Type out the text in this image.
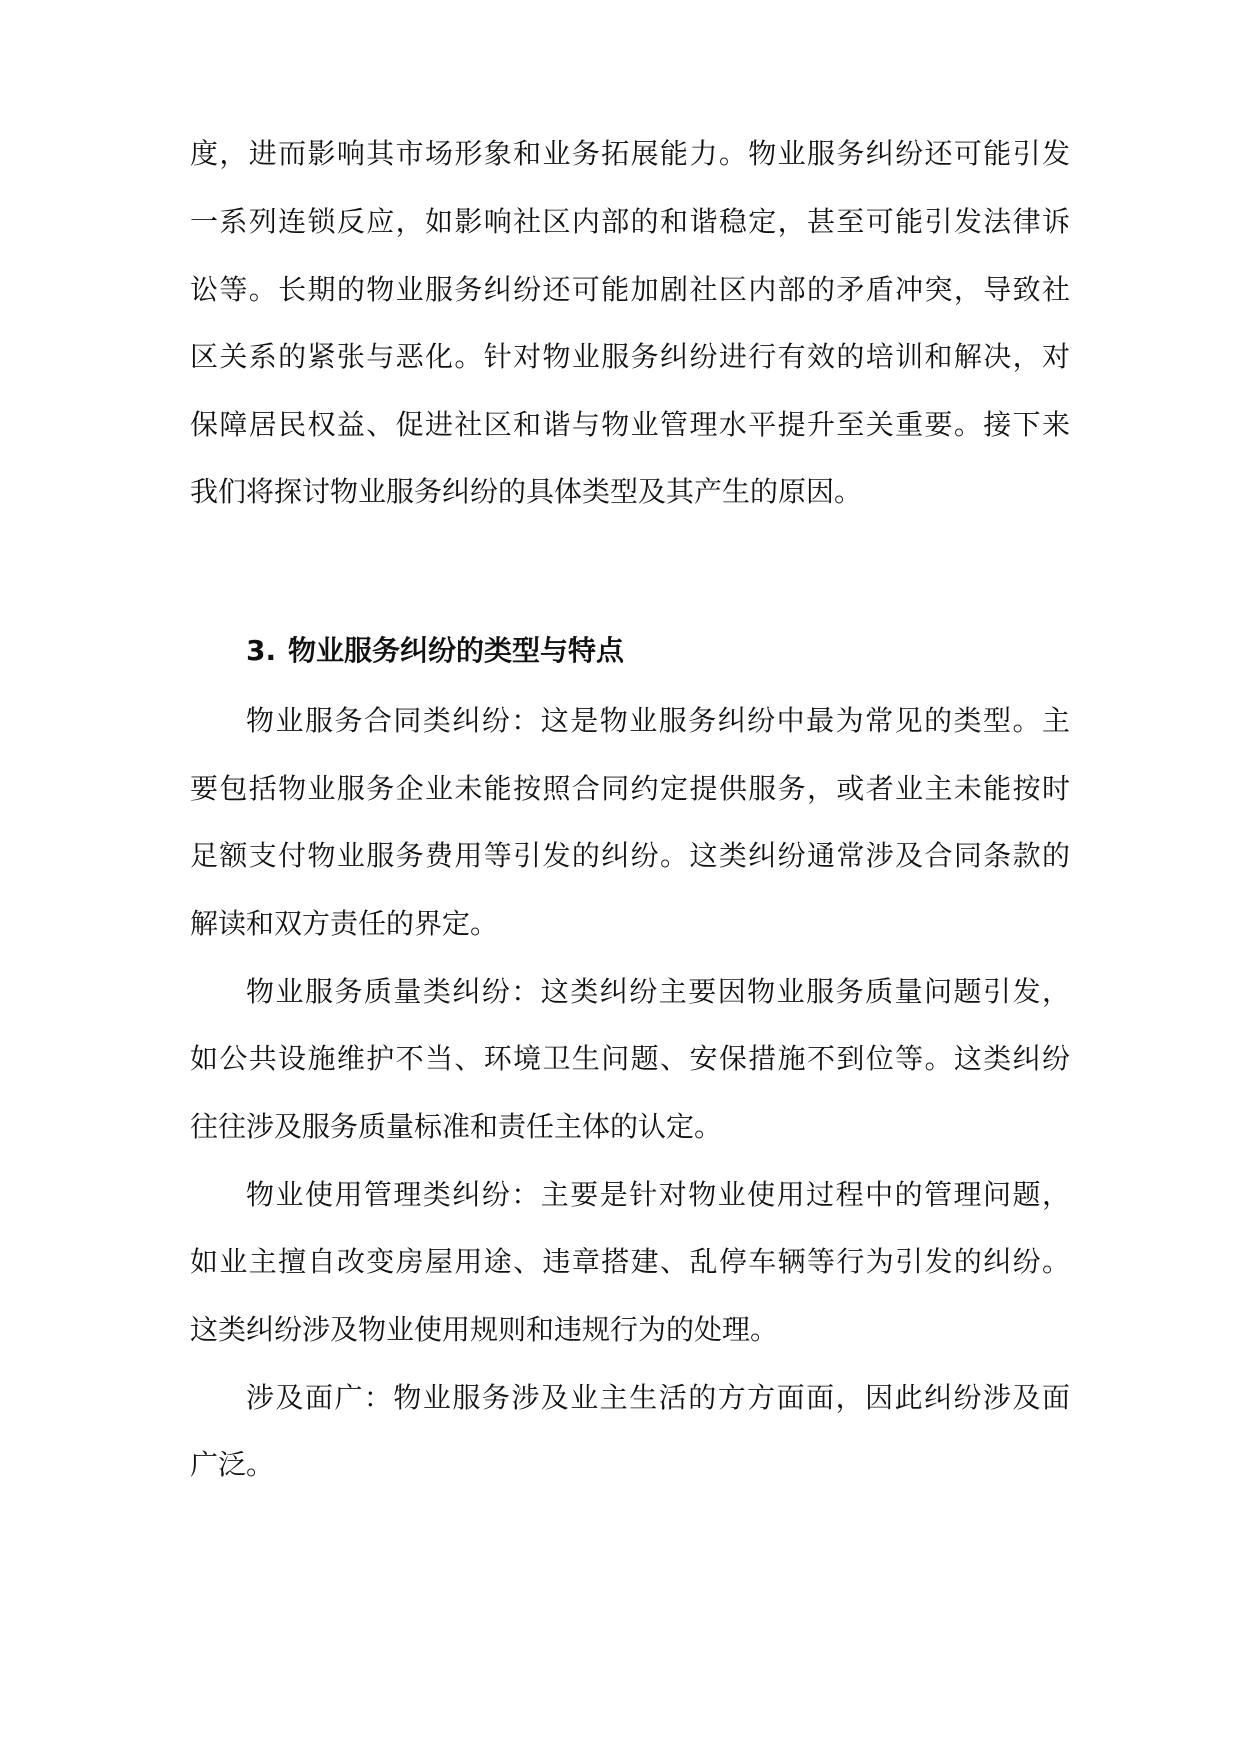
度，进而影响其市场形象和业务拓展能力。物业服务纠纷还可能引发
一系列连锁反应，如影响社区内部的和谐稳定，甚至可能引发法律诉
讼等。长期的物业服务纠纷还可能加剧社区内部的矛盾冲突，导致社
区关系的紧张与恶化。针对物业服务纠纷进行有效的培训和解决，对
保障居民权益、促进社区和谐与物业管理水平提升至关重要。接下来
我们将探讨物业服务纠纷的具体类型及其产生的原因。
3. 物业服务纠纷的类型与特点
物业服务合同类纠纷：这是物业服务纠纷中最为常见的类型。主
要包括物业服务企业未能按照合同约定提供服务，或者业主未能按时
足额支付物业服务费用等引发的纠纷。这类纠纷通常涉及合同条款的
解读和双方责任的界定。
物业服务质量类纠纷：这类纠纷主要因物业服务质量问题引发，
如公共设施维护不当、环境卫生问题、安保措施不到位等。这类纠纷
往往涉及服务质量标准和责任主体的认定。
物业使用管理类纠纷：主要是针对物业使用过程中的管理问题，
如业主擅自改变房屋用途、违章搭建、乱停车辆等行为引发的纠纷。
这类纠纷涉及物业使用规则和违规行为的处理。
涉及面广：物业服务涉及业主生活的方方面面，因此纠纷涉及面
广泛。
